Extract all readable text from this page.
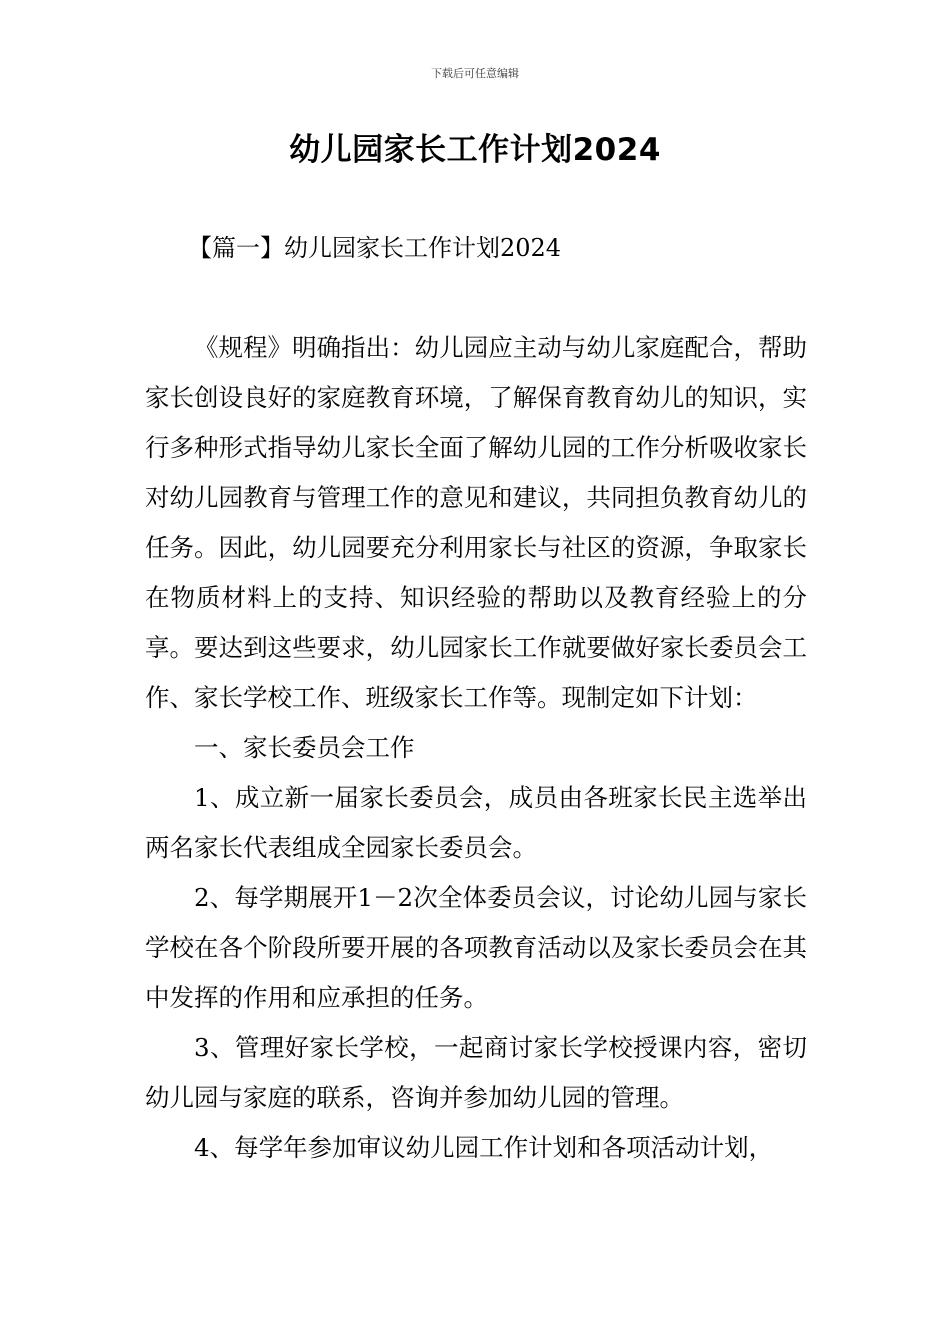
下载后可任意编辑
幼儿园家长工作计划2024
【篇一】幼儿园家长工作计划2024

《规程》明确指出：幼儿园应主动与幼儿家庭配合，帮助家长创设良好的家庭教育环境，了解保育教育幼儿的知识，实行多种形式指导幼儿家长全面了解幼儿园的工作分析吸收家长对幼儿园教育与管理工作的意见和建议，共同担负教育幼儿的任务。因此，幼儿园要充分利用家长与社区的资源，争取家长在物质材料上的支持、知识经验的帮助以及教育经验上的分享。要达到这些要求，幼儿园家长工作就要做好家长委员会工作、家长学校工作、班级家长工作等。现制定如下计划：

一、家长委员会工作

1、成立新一届家长委员会，成员由各班家长民主选举出两名家长代表组成全园家长委员会。

2、每学期展开1－2次全体委员会议，讨论幼儿园与家长学校在各个阶段所要开展的各项教育活动以及家长委员会在其中发挥的作用和应承担的任务。

3、管理好家长学校，一起商讨家长学校授课内容，密切幼儿园与家庭的联系，咨询并参加幼儿园的管理。

4、每学年参加审议幼儿园工作计划和各项活动计划，
